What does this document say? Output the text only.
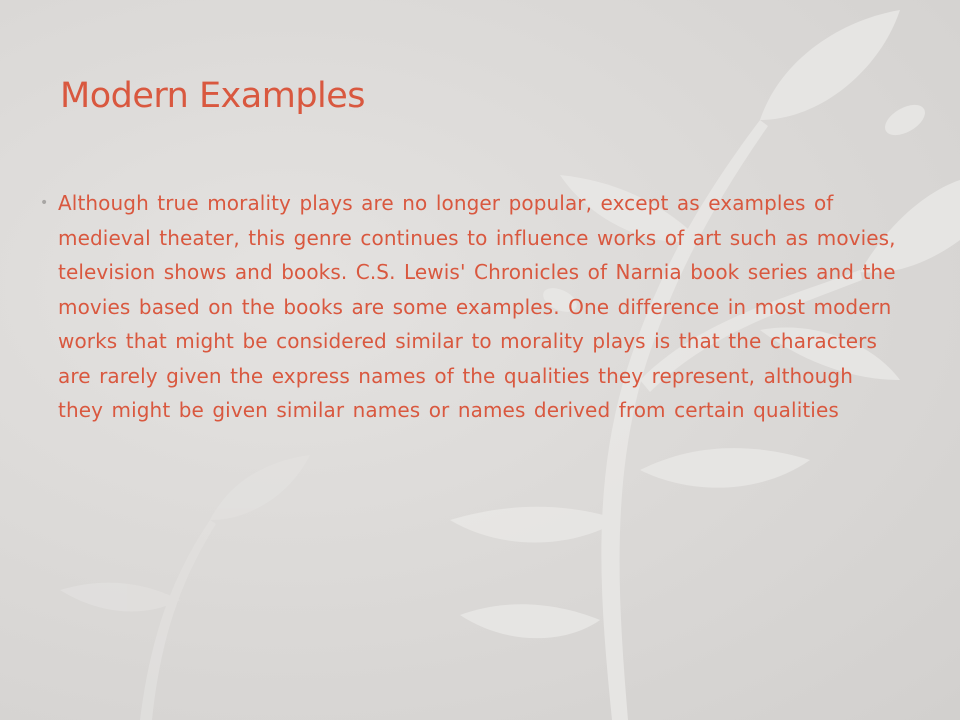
Modern Examples
• Although true morality plays are no longer popular, except as examples of medieval theater, this genre continues to influence works of art such as movies, television shows and books. C.S. Lewis' Chronicles of Narnia book series and the movies based on the books are some examples. One difference in most modern works that might be considered similar to morality plays is that the characters are rarely given the express names of the qualities they represent, although they might be given similar names or names derived from certain qualities
